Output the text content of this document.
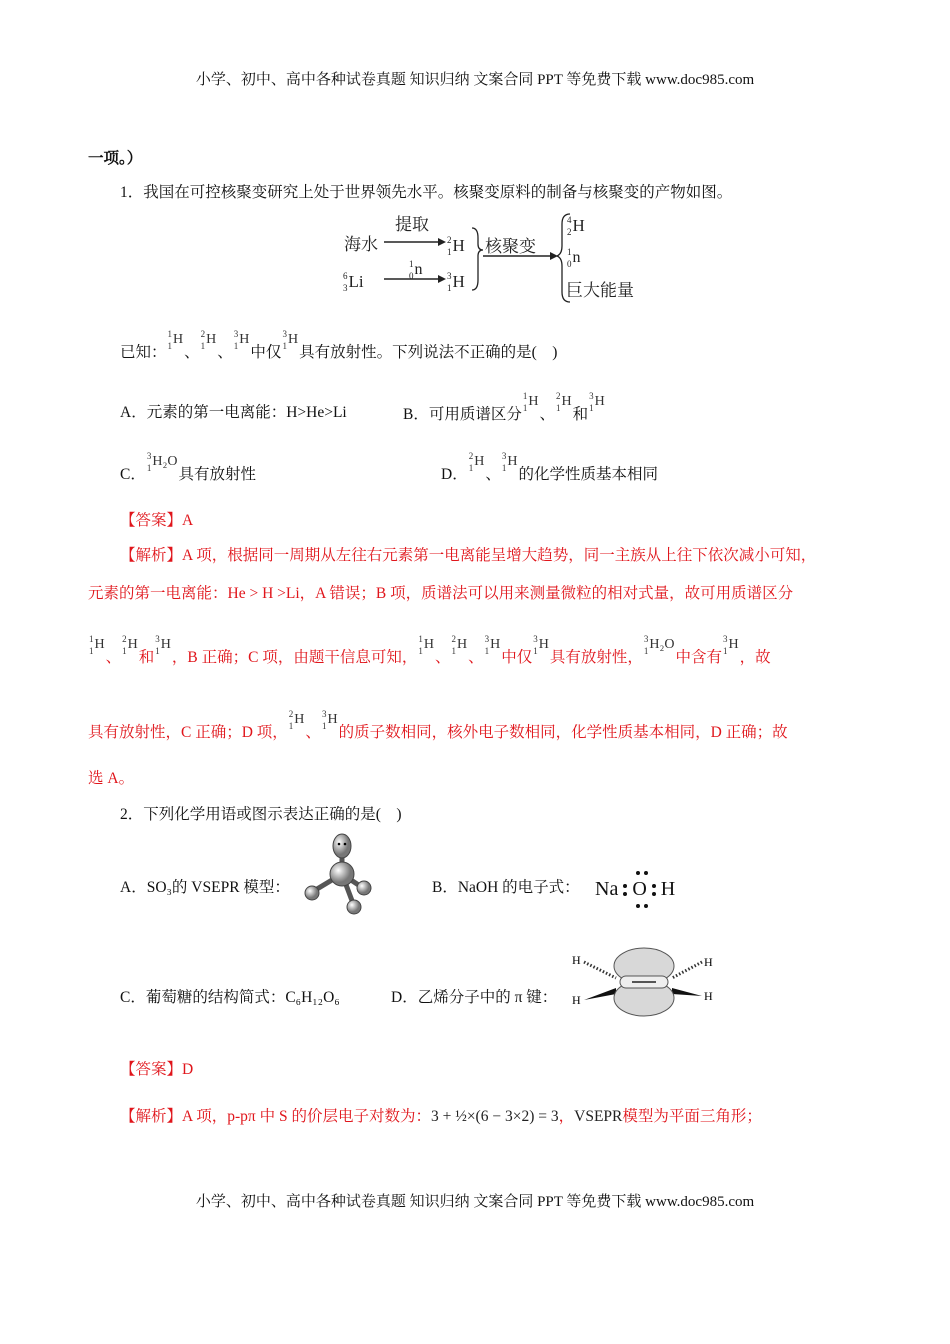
小学、初中、高中各种试卷真题 知识归纳 文案合同 PPT 等免费下载 www.doc985.com
一项。）
1．我国在可控核聚变研究上处于世界领先水平。核聚变原料的制备与核聚变的产物如图。
已知：
1
1 H
、
2
1 H
、
3
1 H
中仅
3
1 H
具有放射性。下列说法不正确的是(　)
A．元素的第一电离能：H>He>Li	B．可用质谱区分
1
1 H
、
2
1 H
和
3
1 H
C．
3
1 H₂O
具有放射性	D．
2
1 H
、
3
1 H
的化学性质基本相同
【答案】A
【解析】A 项，根据同一周期从左往右元素第一电离能呈增大趋势，同一主族从上往下依次减小可知，
元素的第一电离能：He > H >Li，A 错误；B 项，质谱法可以用来测量微粒的相对式量，故可用质谱区分
1
1 H
、
2
1 H
和
3
1 H
，B 正确；C 项，由题干信息可知，
1
1 H
、
2
1 H
、
3
1 H
中仅
3
1 H
具有放射性，
3
1 H₂O
中含有
3
1 H
，故
具有放射性，C 正确；D 项，
2
1 H
、
3
1 H
的质子数相同，核外电子数相同，化学性质基本相同，D 正确；故
选 A。
2．下列化学用语或图示表达正确的是(　)
A．SO₃的 VSEPR 模型：	B．NaOH 的电子式：
C．葡萄糖的结构简式：C₆H₁₂O₆	D．乙烯分子中的 π 键：
【答案】D
【解析】A 项，p-pπ 中 S 的价层电子对数为： 3 + ½×(6 − 3×2) = 3 ， VSEPR 模型为平面三角形；
海水
提取
6
3 Li
1
0 n
2
1 H
3
1 H
核聚变
4
2 H
1
0 n
巨大能量
Na O H
H	H
H	H
小学、初中、高中各种试卷真题 知识归纳 文案合同 PPT 等免费下载 www.doc985.com
